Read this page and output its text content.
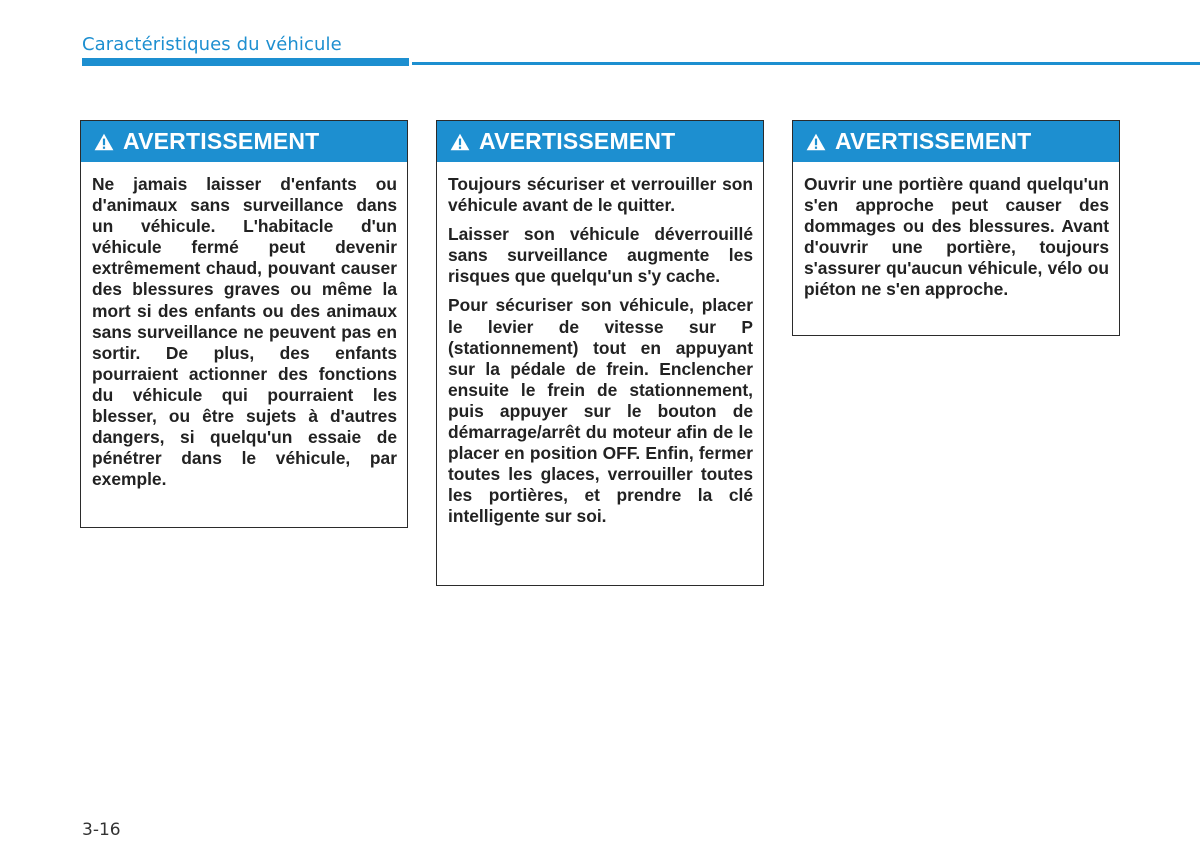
Caractéristiques du véhicule
AVERTISSEMENT

Ne jamais laisser d'enfants ou d'animaux sans surveillance dans un véhicule. L'habitacle d'un véhicule fermé peut devenir extrêmement chaud, pouvant causer des blessures graves ou même la mort si des enfants ou des animaux sans surveillance ne peuvent pas en sortir. De plus, des enfants pourraient actionner des fonctions du véhicule qui pourraient les blesser, ou être sujets à d'autres dangers, si quelqu'un essaie de pénétrer dans le véhicule, par exemple.

AVERTISSEMENT

Toujours sécuriser et verrouiller son véhicule avant de le quitter.

Laisser son véhicule déverrouillé sans surveillance augmente les risques que quelqu'un s'y cache.

Pour sécuriser son véhicule, placer le levier de vitesse sur P (stationnement) tout en appuyant sur la pédale de frein. Enclencher ensuite le frein de stationnement, puis appuyer sur le bouton de démarrage/arrêt du moteur afin de le placer en position OFF. Enfin, fermer toutes les glaces, verrouiller toutes les portières, et prendre la clé intelligente sur soi.

AVERTISSEMENT

Ouvrir une portière quand quelqu'un s'en approche peut causer des dommages ou des blessures. Avant d'ouvrir une portière, toujours s'assurer qu'aucun véhicule, vélo ou piéton ne s'en approche.

3-16
